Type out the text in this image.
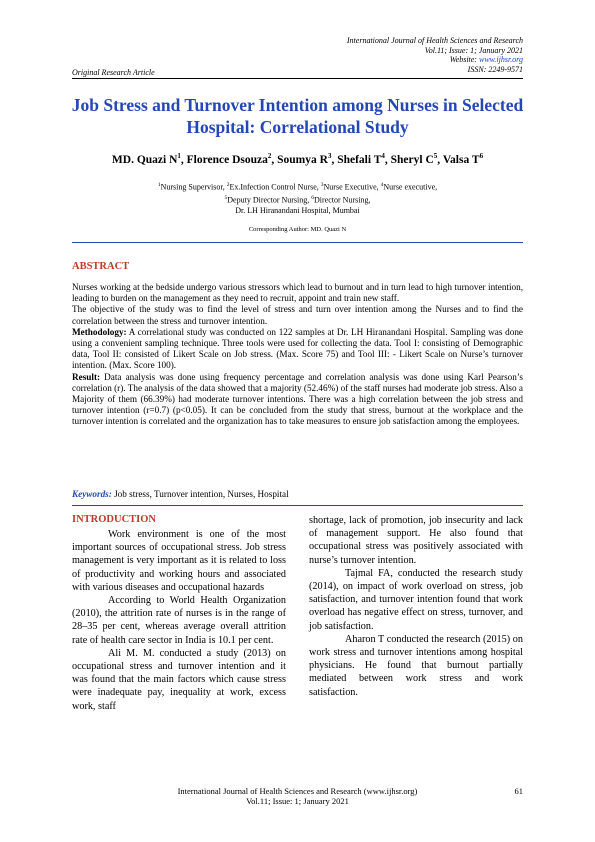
International Journal of Health Sciences and Research
Vol.11; Issue: 1; January 2021
Website: www.ijhsr.org
ISSN: 2249-9571
Original Research Article
Job Stress and Turnover Intention among Nurses in Selected Hospital: Correlational Study
MD. Quazi $N^1$, Florence Dsouza$^2$, Soumya $R^3$, Shefali $T^4$, Sheryl $C^5$, Valsa $T^6$
$^1$Nursing Supervisor, $^2$Ex.Infection Control Nurse, $^3$Nurse Executive, $^4$Nurse executive,
$^5$Deputy Director Nursing, $^6$Director Nursing,
Dr. LH Hiranandani Hospital, Mumbai
Corresponding Author: MD. Quazi N
ABSTRACT

Nurses working at the bedside undergo various stressors which lead to burnout and in turn lead to high turnover intention, leading to burden on the management as they need to recruit, appoint and train new staff.

The objective of the study was to find the level of stress and turn over intention among the Nurses and to find the correlation between the stress and turnover intention.

Methodology: A correlational study was conducted on 122 samples at Dr. LH Hiranandani Hospital. Sampling was done using a convenient sampling technique. Three tools were used for collecting the data. Tool I: consisting of Demographic data, Tool II: consisted of Likert Scale on Job stress. (Max. Score 75) and Tool III: - Likert Scale on Nurse’s turnover intention. (Max. Score 100).

Result: Data analysis was done using frequency percentage and correlation analysis was done using Karl Pearson’s correlation (r). The analysis of the data showed that a majority (52.46%) of the staff nurses had moderate job stress. Also a Majority of them (66.39%) had moderate turnover intentions. There was a high correlation between the job stress and turnover intention (r=0.7) (p<0.05). It can be concluded from the study that stress, burnout at the workplace and the turnover intention is correlated and the organization has to take measures to ensure job satisfaction among the employees.

Keywords: Job stress, Turnover intention, Nurses, Hospital
INTRODUCTION

Work environment is one of the most important sources of occupational stress. Job stress management is very important as it is related to loss of productivity and working hours and associated with various diseases and occupational hazards

According to World Health Organization (2010), the attrition rate of nurses is in the range of 28–35 per cent, whereas average overall attrition rate of health care sector in India is 10.1 per cent.

Ali M. M. conducted a study (2013) on occupational stress and turnover intention and it was found that the main factors which cause stress were inadequate pay, inequality at work, excess work, staff

shortage, lack of promotion, job insecurity and lack of management support. He also found that occupational stress was positively associated with nurse’s turnover intention.

Tajmal FA, conducted the research study (2014), on impact of work overload on stress, job satisfaction, and turnover intention found that work overload has negative effect on stress, turnover, and job satisfaction.

Aharon T conducted the research (2015) on work stress and turnover intentions among hospital physicians. He found that burnout partially mediated between work stress and work satisfaction.

International Journal of Health Sciences and Research (www.ijhsr.org)
Vol.11; Issue: 1; January 2021
61
